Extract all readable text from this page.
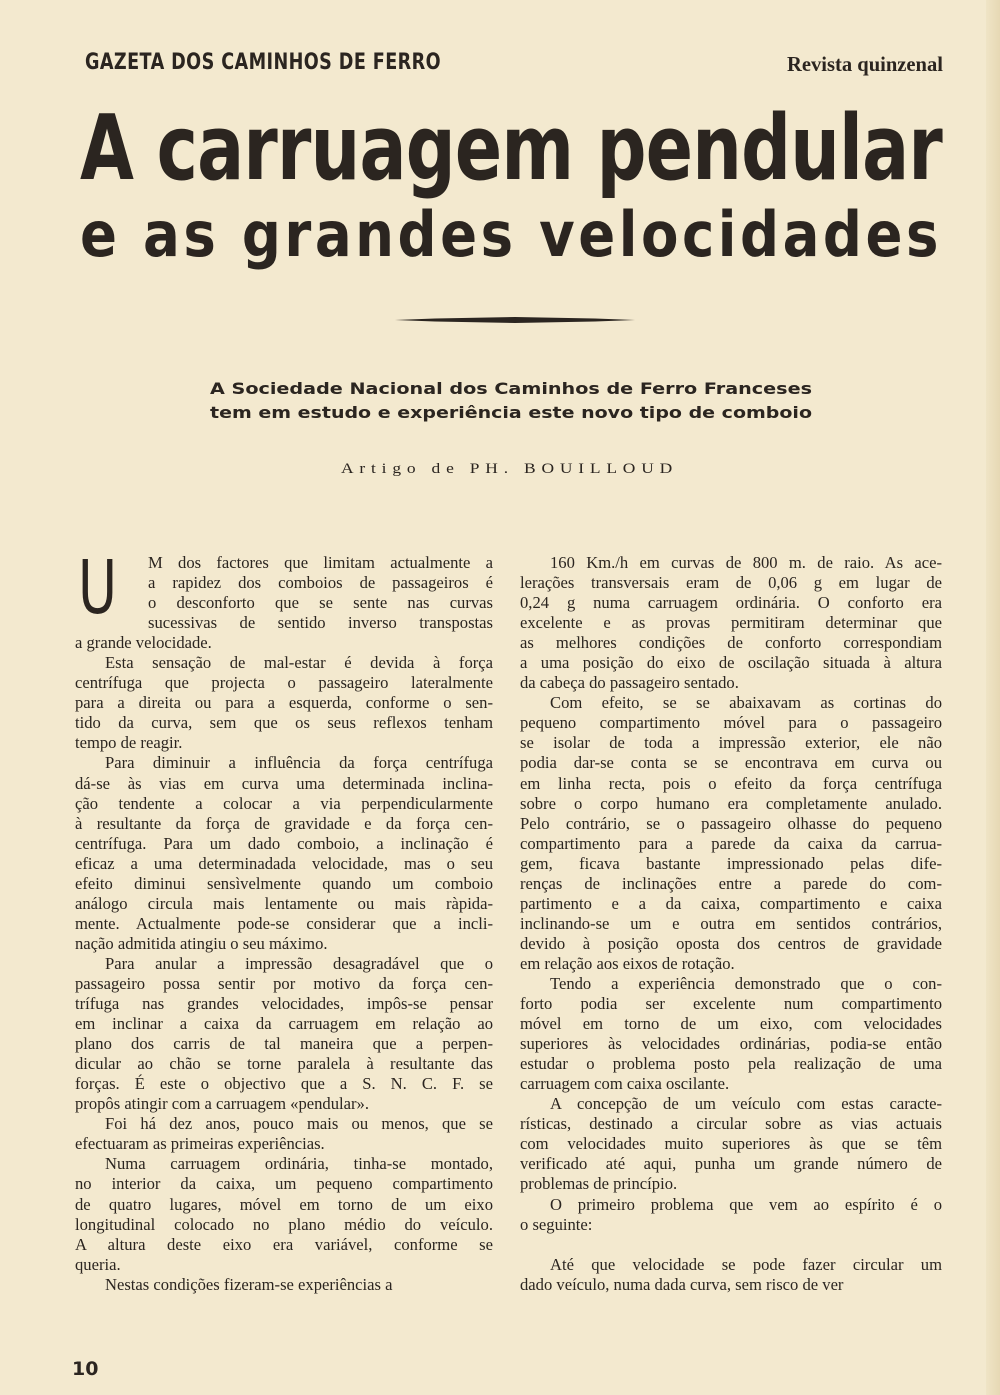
GAZETA DOS CAMINHOS DE FERRO	Revista quinzenal
A carruagem pendular
e as grandes velocidades
A Sociedade Nacional dos Caminhos de Ferro Franceses
tem em estudo e experiência este novo tipo de comboio
Artigo de PH. BOUILLOUD
U M dos factores que limitam actualmente a
a rapidez dos comboios de passageiros é
o desconforto que se sente nas curvas
sucessivas de sentido inverso transpostas
a grande velocidade.
Esta sensação de mal-estar é devida à força
centrífuga que projecta o passageiro lateralmente
para a direita ou para a esquerda, conforme o sen-
tido da curva, sem que os seus reflexos tenham
tempo de reagir.
Para diminuir a influência da força centrífuga
dá-se às vias em curva uma determinada inclina-
ção tendente a colocar a via perpendicularmente
à resultante da força de gravidade e da força cen-
centrífuga. Para um dado comboio, a inclinação é
eficaz a uma determinadada velocidade, mas o seu
efeito diminui sensìvelmente quando um comboio
análogo circula mais lentamente ou mais ràpida-
mente. Actualmente pode-se considerar que a incli-
nação admitida atingiu o seu máximo.
Para anular a impressão desagradável que o
passageiro possa sentir por motivo da força cen-
trífuga nas grandes velocidades, impôs-se pensar
em inclinar a caixa da carruagem em relação ao
plano dos carris de tal maneira que a perpen-
dicular ao chão se torne paralela à resultante das
forças. É este o objectivo que a S. N. C. F. se
propôs atingir com a carruagem «pendular».
Foi há dez anos, pouco mais ou menos, que se
efectuaram as primeiras experiências.
Numa carruagem ordinária, tinha-se montado,
no interior da caixa, um pequeno compartimento
de quatro lugares, móvel em torno de um eixo
longitudinal colocado no plano médio do veículo.
A altura deste eixo era variável, conforme se
queria.
Nestas condições fizeram-se experiências a
160 Km./h em curvas de 800 m. de raio. As ace-
lerações transversais eram de 0,06 g em lugar de
0,24 g numa carruagem ordinária. O conforto era
excelente e as provas permitiram determinar que
as melhores condições de conforto correspondiam
a uma posição do eixo de oscilação situada à altura
da cabeça do passageiro sentado.
Com efeito, se se abaixavam as cortinas do
pequeno compartimento móvel para o passageiro
se isolar de toda a impressão exterior, ele não
podia dar-se conta se se encontrava em curva ou
em linha recta, pois o efeito da força centrífuga
sobre o corpo humano era completamente anulado.
Pelo contrário, se o passageiro olhasse do pequeno
compartimento para a parede da caixa da carrua-
gem, ficava bastante impressionado pelas dife-
renças de inclinações entre a parede do com-
partimento e a da caixa, compartimento e caixa
inclinando-se um e outra em sentidos contrários,
devido à posição oposta dos centros de gravidade
em relação aos eixos de rotação.
Tendo a experiência demonstrado que o con-
forto podia ser excelente num compartimento
móvel em torno de um eixo, com velocidades
superiores às velocidades ordinárias, podia-se então
estudar o problema posto pela realização de uma
carruagem com caixa oscilante.
A concepção de um veículo com estas caracte-
rísticas, destinado a circular sobre as vias actuais
com velocidades muito superiores às que se têm
verificado até aqui, punha um grande número de
problemas de princípio.
O primeiro problema que vem ao espírito é o
o seguinte:
Até que velocidade se pode fazer circular um
dado veículo, numa dada curva, sem risco de ver
10
